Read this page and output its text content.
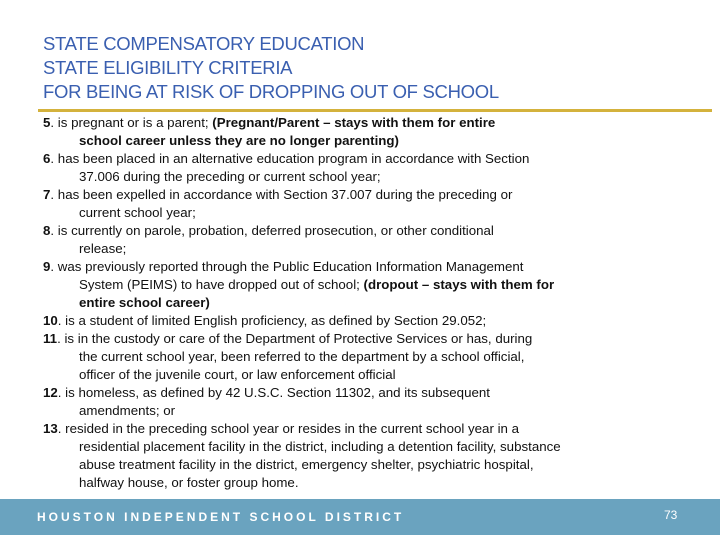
STATE COMPENSATORY EDUCATION
STATE ELIGIBILITY CRITERIA
FOR BEING AT RISK OF DROPPING OUT OF SCHOOL
5. is pregnant or is a parent; (Pregnant/Parent – stays with them for entire
school career unless they are no longer parenting)
6. has been placed in an alternative education program in accordance with Section
37.006 during the preceding or current school year;
7. has been expelled in accordance with Section 37.007 during the preceding or
current school year;
8. is currently on parole, probation, deferred prosecution, or other conditional
release;
9. was previously reported through the Public Education Information Management
System (PEIMS) to have dropped out of school; (dropout – stays with them for
entire school career)
10. is a student of limited English proficiency, as defined by Section 29.052;
11. is in the custody or care of the Department of Protective Services or has, during
the current school year, been referred to the department by a school official,
officer of the juvenile court, or law enforcement official
12. is homeless, as defined by 42 U.S.C. Section 11302, and its subsequent
amendments; or
13. resided in the preceding school year or resides in the current school year in a
residential placement facility in the district, including a detention facility, substance
abuse treatment facility in the district, emergency shelter, psychiatric hospital,
halfway house, or foster group home.
HOUSTON INDEPENDENT SCHOOL DISTRICT	73
